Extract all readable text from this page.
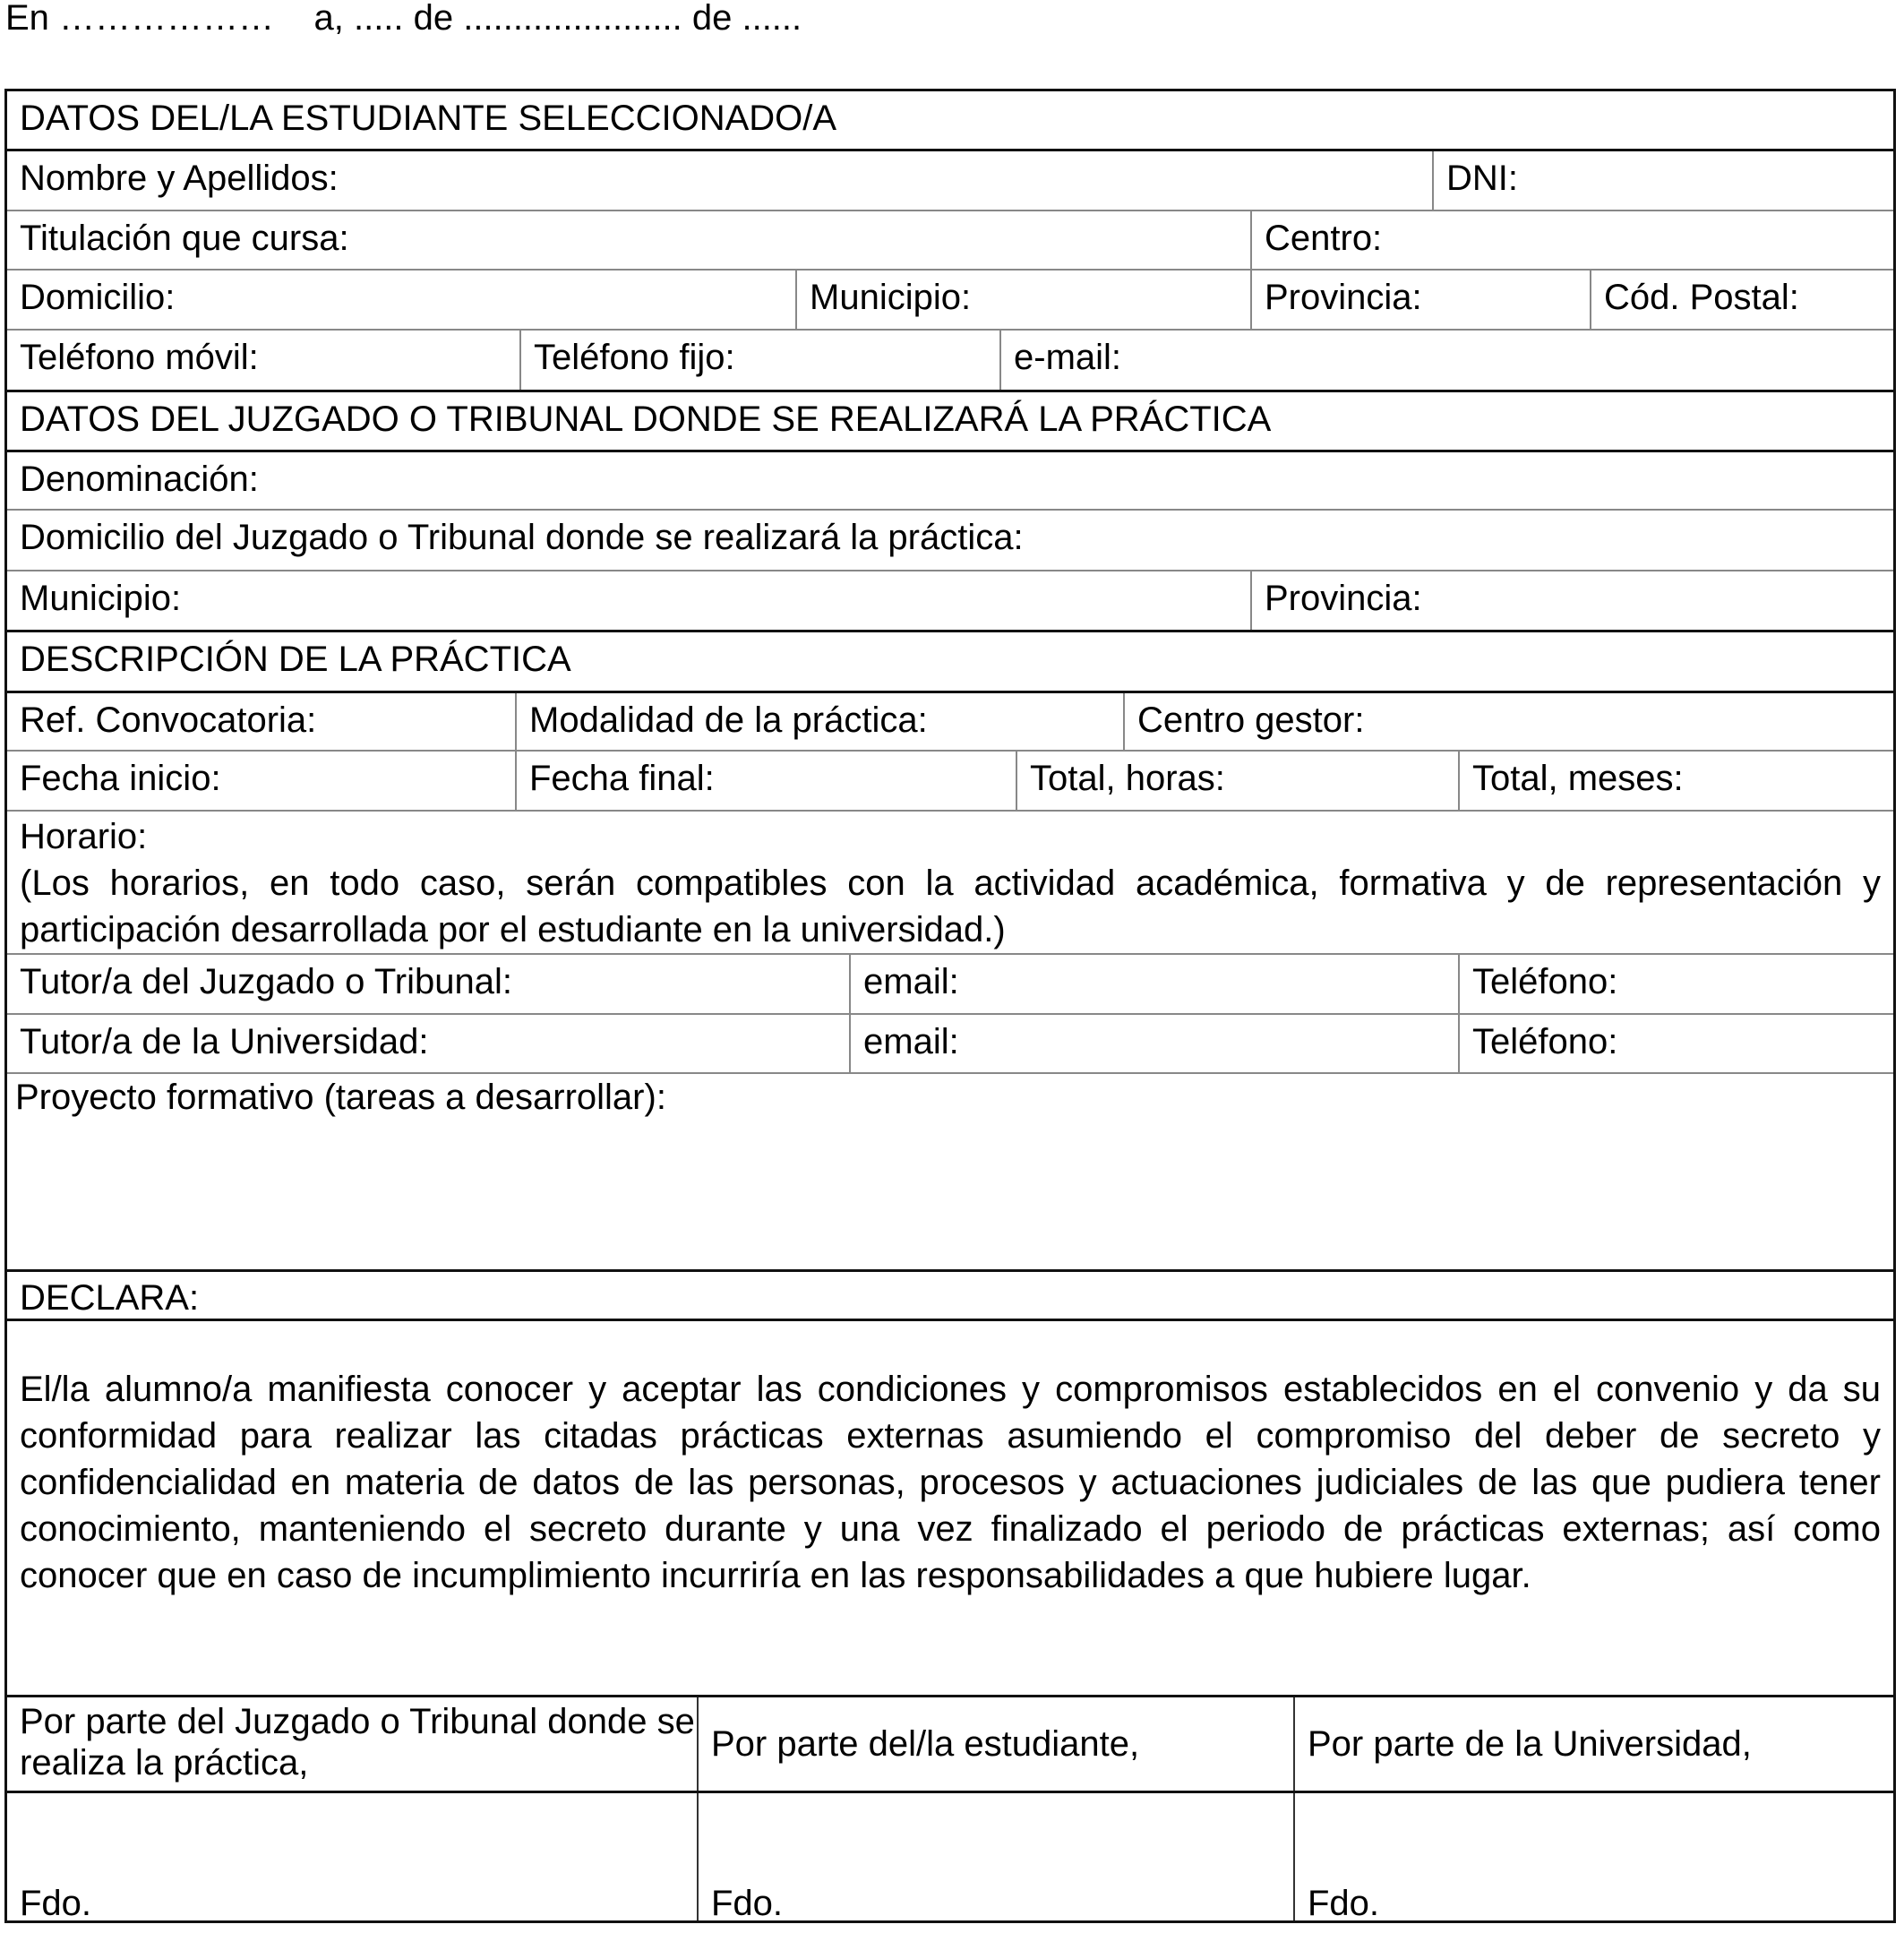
En ………………    a, ..... de ...................... de ......
DATOS DEL/LA ESTUDIANTE SELECCIONADO/A
Nombre y Apellidos:	DNI:
Titulación que cursa:	Centro:
Domicilio:	Municipio:	Provincia:	Cód. Postal:
Teléfono móvil:	Teléfono fijo:	e-mail:
DATOS DEL JUZGADO O TRIBUNAL DONDE SE REALIZARÁ LA PRÁCTICA
Denominación:
Domicilio del Juzgado o Tribunal donde se realizará la práctica:
Municipio:	Provincia:
DESCRIPCIÓN DE LA PRÁCTICA
Ref. Convocatoria:	Modalidad de la práctica:	Centro gestor:
Fecha inicio:	Fecha final:	Total, horas:	Total, meses:
Horario:
(Los horarios, en todo caso, serán compatibles con la actividad académica, formativa y de representación y participación desarrollada por el estudiante en la universidad.)
Tutor/a del Juzgado o Tribunal:	email:	Teléfono:
Tutor/a de la Universidad:	email:	Teléfono:
Proyecto formativo (tareas a desarrollar):
DECLARA:
El/la alumno/a manifiesta conocer y aceptar las condiciones y compromisos establecidos en el convenio y da su conformidad para realizar las citadas prácticas externas asumiendo el compromiso del deber de secreto y confidencialidad en materia de datos de las personas, procesos y actuaciones judiciales de las que pudiera tener conocimiento, manteniendo el secreto durante y una vez finalizado el periodo de prácticas externas; así como conocer que en caso de incumplimiento incurriría en las responsabilidades a que hubiere lugar.
Por parte del Juzgado o Tribunal donde se realiza la práctica,	Por parte del/la estudiante,	Por parte de la Universidad,
Fdo.	Fdo.	Fdo.
